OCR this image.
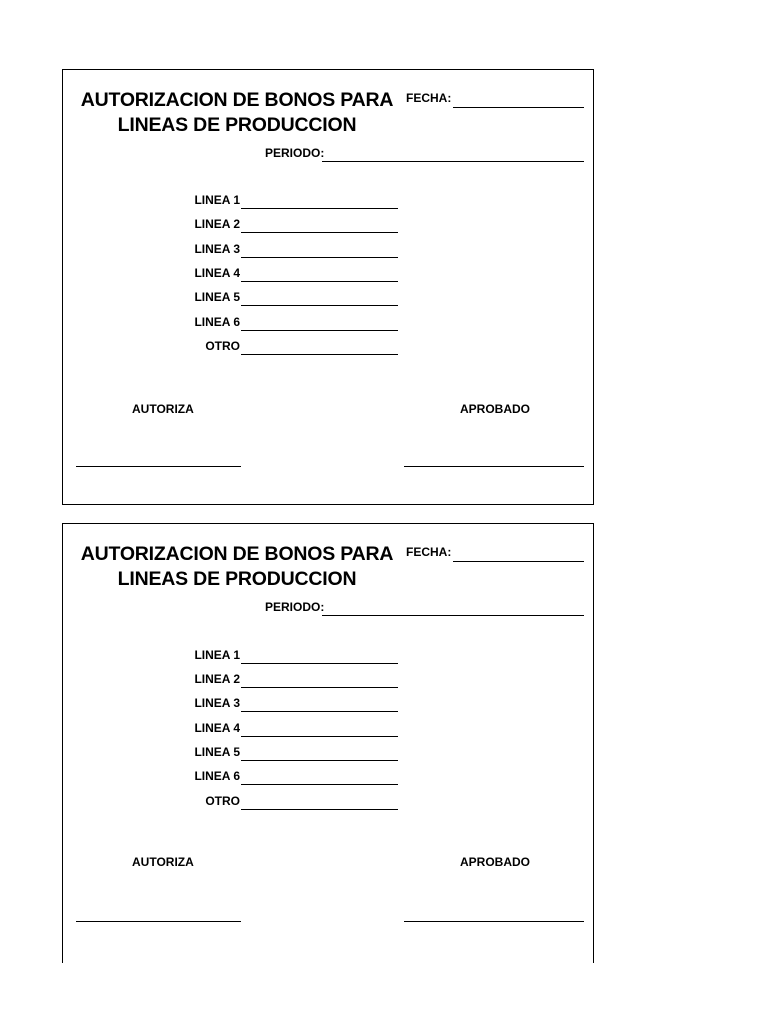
AUTORIZACION DE BONOS PARA
LINEAS DE PRODUCCION
FECHA:
PERIODO:
LINEA 1
LINEA 2
LINEA 3
LINEA 4
LINEA 5
LINEA 6
OTRO
AUTORIZA	APROBADO
AUTORIZACION DE BONOS PARA
LINEAS DE PRODUCCION
FECHA:
PERIODO:
LINEA 1
LINEA 2
LINEA 3
LINEA 4
LINEA 5
LINEA 6
OTRO
AUTORIZA	APROBADO
